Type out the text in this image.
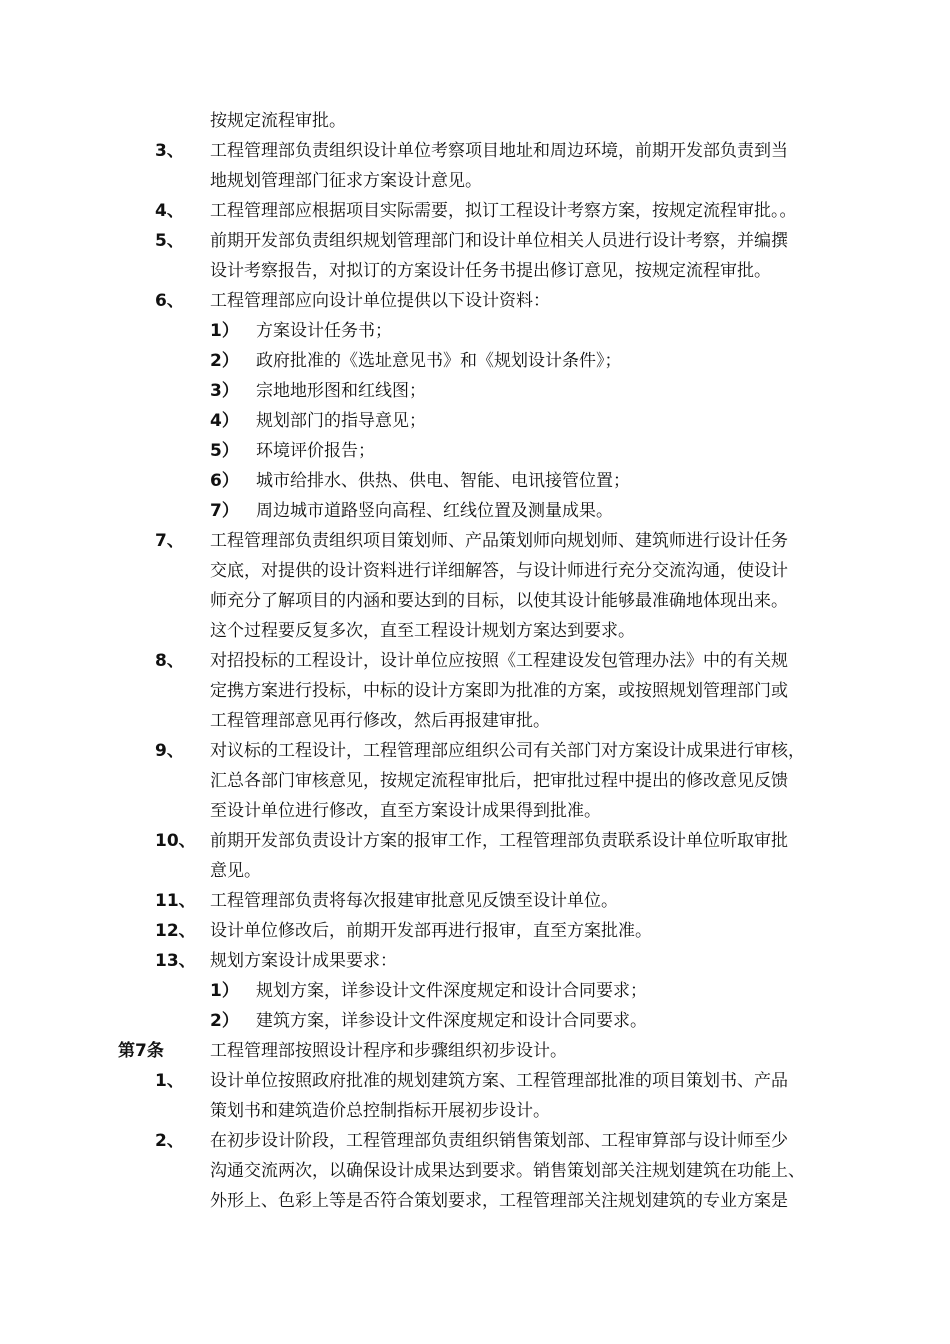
按规定流程审批。
3、 工程管理部负责组织设计单位考察项目地址和周边环境，前期开发部负责到当
地规划管理部门征求方案设计意见。
4、 工程管理部应根据项目实际需要，拟订工程设计考察方案，按规定流程审批。。
5、 前期开发部负责组织规划管理部门和设计单位相关人员进行设计考察，并编撰
设计考察报告，对拟订的方案设计任务书提出修订意见，按规定流程审批。
6、 工程管理部应向设计单位提供以下设计资料：
1） 方案设计任务书；
2） 政府批准的《选址意见书》和《规划设计条件》；
3） 宗地地形图和红线图；
4） 规划部门的指导意见；
5） 环境评价报告；
6） 城市给排水、供热、供电、智能、电讯接管位置；
7） 周边城市道路竖向高程、红线位置及测量成果。
7、 工程管理部负责组织项目策划师、产品策划师向规划师、建筑师进行设计任务
交底，对提供的设计资料进行详细解答，与设计师进行充分交流沟通，使设计
师充分了解项目的内涵和要达到的目标，以使其设计能够最准确地体现出来。
这个过程要反复多次，直至工程设计规划方案达到要求。
8、 对招投标的工程设计，设计单位应按照《工程建设发包管理办法》中的有关规
定携方案进行投标，中标的设计方案即为批准的方案，或按照规划管理部门或
工程管理部意见再行修改，然后再报建审批。
9、 对议标的工程设计，工程管理部应组织公司有关部门对方案设计成果进行审核，
汇总各部门审核意见，按规定流程审批后，把审批过程中提出的修改意见反馈
至设计单位进行修改，直至方案设计成果得到批准。
10、 前期开发部负责设计方案的报审工作，工程管理部负责联系设计单位听取审批
意见。
11、 工程管理部负责将每次报建审批意见反馈至设计单位。
12、 设计单位修改后，前期开发部再进行报审，直至方案批准。
13、 规划方案设计成果要求：
1） 规划方案，详参设计文件深度规定和设计合同要求；
2） 建筑方案，详参设计文件深度规定和设计合同要求。
第7条	工程管理部按照设计程序和步骤组织初步设计。
1、 设计单位按照政府批准的规划建筑方案、工程管理部批准的项目策划书、产品
策划书和建筑造价总控制指标开展初步设计。
2、 在初步设计阶段，工程管理部负责组织销售策划部、工程审算部与设计师至少
沟通交流两次，以确保设计成果达到要求。销售策划部关注规划建筑在功能上、
外形上、色彩上等是否符合策划要求，工程管理部关注规划建筑的专业方案是
